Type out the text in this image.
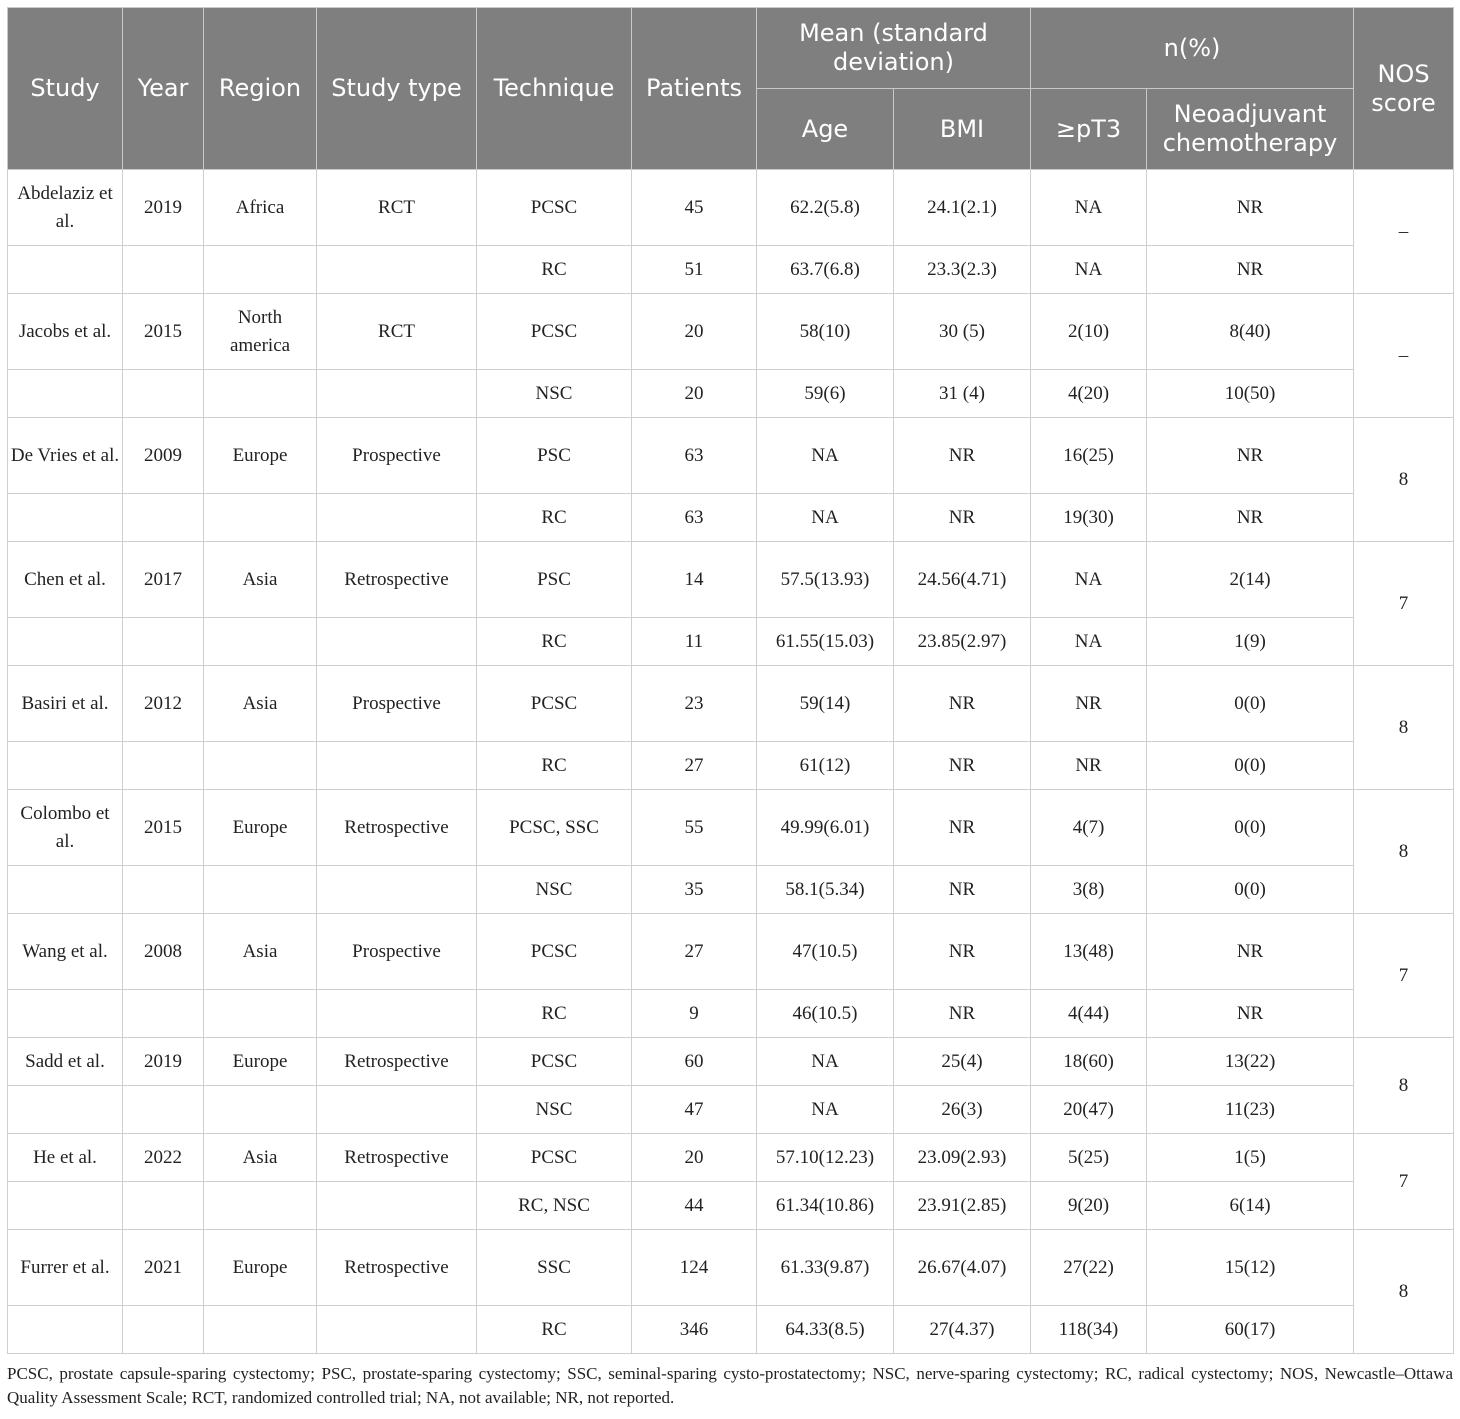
Study	Year	Region	Study type	Technique	Patients	Mean (standard deviation)		n(%)		NOS score
						Age	BMI	≥pT3	Neoadjuvant chemotherapy	
Abdelaziz et al.	2019	Africa	RCT	PCSC	45	62.2(5.8)	24.1(2.1)	NA	NR	–
				RC	51	63.7(6.8)	23.3(2.3)	NA	NR	
Jacobs et al.	2015	North america	RCT	PCSC	20	58(10)	30 (5)	2(10)	8(40)	–
				NSC	20	59(6)	31 (4)	4(20)	10(50)	
De Vries et al.	2009	Europe	Prospective	PSC	63	NA	NR	16(25)	NR	8
				RC	63	NA	NR	19(30)	NR	
Chen et al.	2017	Asia	Retrospective	PSC	14	57.5(13.93)	24.56(4.71)	NA	2(14)	7
				RC	11	61.55(15.03)	23.85(2.97)	NA	1(9)	
Basiri et al.	2012	Asia	Prospective	PCSC	23	59(14)	NR	NR	0(0)	8
				RC	27	61(12)	NR	NR	0(0)	
Colombo et al.	2015	Europe	Retrospective	PCSC, SSC	55	49.99(6.01)	NR	4(7)	0(0)	8
				NSC	35	58.1(5.34)	NR	3(8)	0(0)	
Wang et al.	2008	Asia	Prospective	PCSC	27	47(10.5)	NR	13(48)	NR	7
				RC	9	46(10.5)	NR	4(44)	NR	
Sadd et al.	2019	Europe	Retrospective	PCSC	60	NA	25(4)	18(60)	13(22)	8
				NSC	47	NA	26(3)	20(47)	11(23)	
He et al.	2022	Asia	Retrospective	PCSC	20	57.10(12.23)	23.09(2.93)	5(25)	1(5)	7
				RC, NSC	44	61.34(10.86)	23.91(2.85)	9(20)	6(14)	
Furrer et al.	2021	Europe	Retrospective	SSC	124	61.33(9.87)	26.67(4.07)	27(22)	15(12)	8
				RC	346	64.33(8.5)	27(4.37)	118(34)	60(17)	

PCSC, prostate capsule-sparing cystectomy; PSC, prostate-sparing cystectomy; SSC, seminal-sparing cysto-prostatectomy; NSC, nerve-sparing cystectomy; RC, radical cystectomy; NOS, Newcastle–Ottawa Quality Assessment Scale; RCT, randomized controlled trial; NA, not available; NR, not reported.
